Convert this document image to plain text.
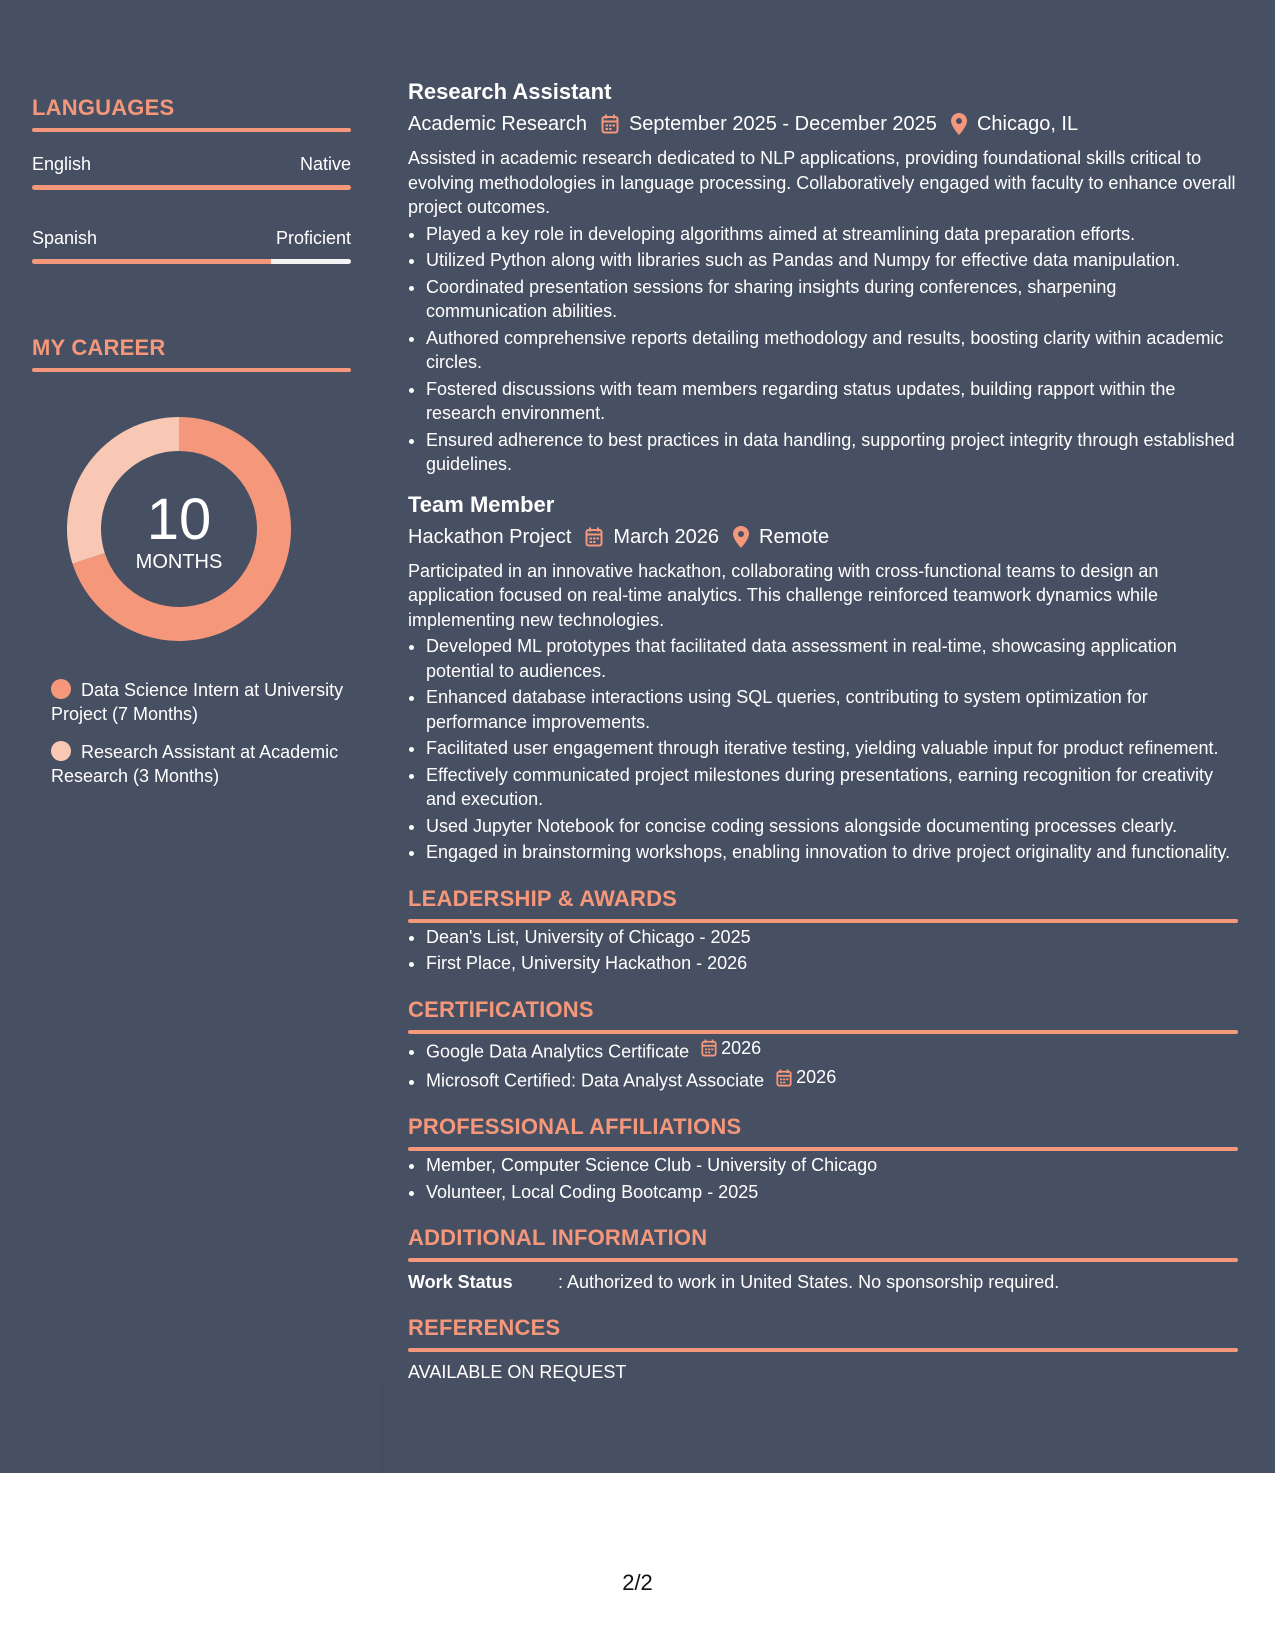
LANGUAGES
English	Native
Spanish	Proficient
MY CAREER
10
MONTHS
Data Science Intern at University Project (7 Months)
Research Assistant at Academic Research (3 Months)
Research Assistant
Academic Research September 2025 - December 2025 Chicago, IL
Assisted in academic research dedicated to NLP applications, providing foundational skills critical to evolving methodologies in language processing. Collaboratively engaged with faculty to enhance overall project outcomes.
• Played a key role in developing algorithms aimed at streamlining data preparation efforts.
• Utilized Python along with libraries such as Pandas and Numpy for effective data manipulation.
• Coordinated presentation sessions for sharing insights during conferences, sharpening communication abilities.
• Authored comprehensive reports detailing methodology and results, boosting clarity within academic circles.
• Fostered discussions with team members regarding status updates, building rapport within the research environment.
• Ensured adherence to best practices in data handling, supporting project integrity through established guidelines.
Team Member
Hackathon Project March 2026 Remote
Participated in an innovative hackathon, collaborating with cross-functional teams to design an application focused on real-time analytics. This challenge reinforced teamwork dynamics while implementing new technologies.
• Developed ML prototypes that facilitated data assessment in real-time, showcasing application potential to audiences.
• Enhanced database interactions using SQL queries, contributing to system optimization for performance improvements.
• Facilitated user engagement through iterative testing, yielding valuable input for product refinement.
• Effectively communicated project milestones during presentations, earning recognition for creativity and execution.
• Used Jupyter Notebook for concise coding sessions alongside documenting processes clearly.
• Engaged in brainstorming workshops, enabling innovation to drive project originality and functionality.
LEADERSHIP & AWARDS
• Dean's List, University of Chicago - 2025
• First Place, University Hackathon - 2026
CERTIFICATIONS
• Google Data Analytics Certificate 2026
• Microsoft Certified: Data Analyst Associate 2026
PROFESSIONAL AFFILIATIONS
• Member, Computer Science Club - University of Chicago
• Volunteer, Local Coding Bootcamp - 2025
ADDITIONAL INFORMATION
Work Status	: Authorized to work in United States. No sponsorship required.
REFERENCES
AVAILABLE ON REQUEST
2/2
